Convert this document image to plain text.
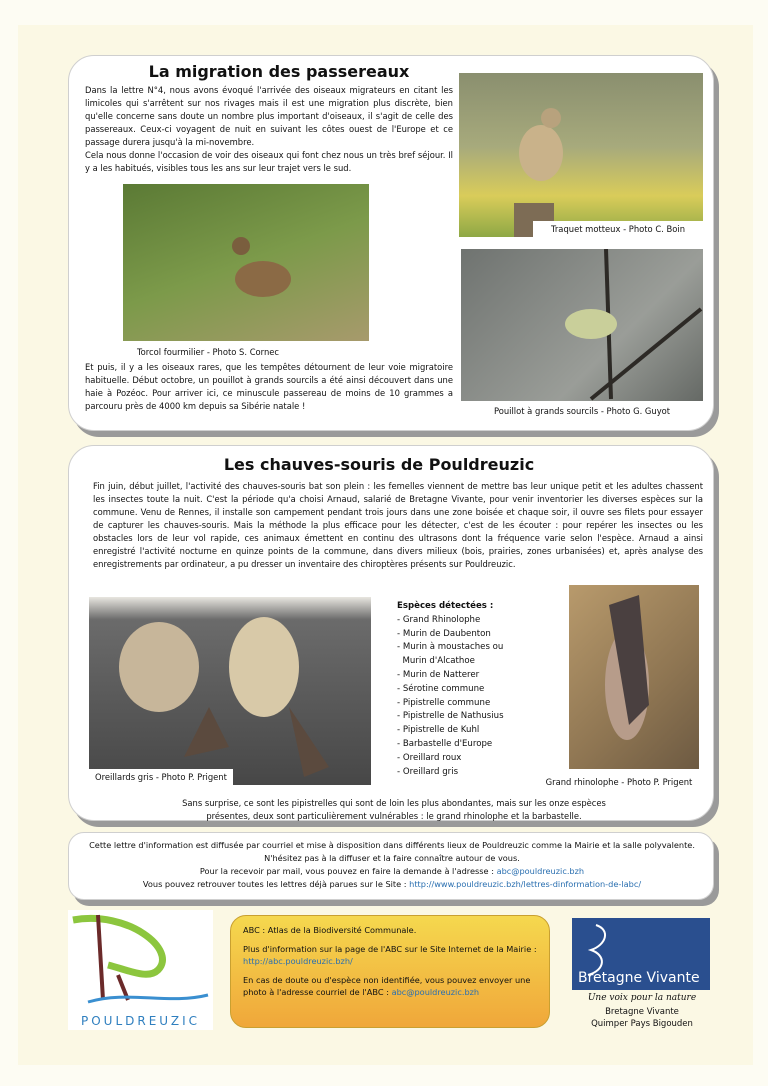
La migration des passereaux
Dans la lettre N°4, nous avons évoqué l'arrivée des oiseaux migrateurs en citant les limicoles qui s'arrêtent sur nos rivages mais il est une migration plus discrète, bien qu'elle concerne sans doute un nombre plus important d'oiseaux, il s'agit de celle des passereaux. Ceux-ci voyagent de nuit en suivant les côtes ouest de l'Europe et ce passage durera jusqu'à la mi-novembre.
Cela nous donne l'occasion de voir des oiseaux qui font chez nous un très bref séjour. Il y a les habitués, visibles tous les ans sur leur trajet vers le sud.
Traquet motteux - Photo C. Boin
Torcol fourmilier - Photo S. Cornec
Et puis, il y a les oiseaux rares, que les tempêtes détournent de leur voie migratoire habituelle. Début octobre, un pouillot à grands sourcils a été ainsi découvert dans une haie à Pozéoc. Pour arriver ici, ce minuscule passereau de moins de 10 grammes a parcouru près de 4000 km depuis sa Sibérie natale !	Pouillot à grands sourcils - Photo G. Guyot
Les chauves-souris de Pouldreuzic
Fin juin, début juillet, l'activité des chauves-souris bat son plein : les femelles viennent de mettre bas leur unique petit et les adultes chassent les insectes toute la nuit. C'est la période qu'a choisi Arnaud, salarié de Bretagne Vivante, pour venir inventorier les diverses espèces sur la commune. Venu de Rennes, il installe son campement pendant trois jours dans une zone boisée et chaque soir, il ouvre ses filets pour essayer de capturer les chauves-souris. Mais la méthode la plus efficace pour les détecter, c'est de les écouter : pour repérer les insectes ou les obstacles lors de leur vol rapide, ces animaux émettent en continu des ultrasons dont la fréquence varie selon l'espèce. Arnaud a ainsi enregistré l'activité nocturne en quinze points de la commune, dans divers milieux (bois, prairies, zones urbanisées) et, après analyse des enregistrements par ordinateur, a pu dresser un inventaire des chiroptères présents sur Pouldreuzic.
Oreillards gris - Photo P. Prigent
Espèces détectées :
- Grand Rhinolophe
- Murin de Daubenton
- Murin à moustaches ou
Murin d'Alcathoe
- Murin de Natterer
- Sérotine commune
- Pipistrelle commune
- Pipistrelle de Nathusius
- Pipistrelle de Kuhl
- Barbastelle d'Europe
- Oreillard roux
- Oreillard gris
Grand rhinolophe - Photo P. Prigent
Sans surprise, ce sont les pipistrelles qui sont de loin les plus abondantes, mais sur les onze espèces présentes, deux sont particulièrement vulnérables : le grand rhinolophe et la barbastelle.
Cette lettre d'information est diffusée par courriel et mise à disposition dans différents lieux de Pouldreuzic comme la Mairie et la salle polyvalente. N'hésitez pas à la diffuser et la faire connaître autour de vous.
Pour la recevoir par mail, vous pouvez en faire la demande à l'adresse : abc@pouldreuzic.bzh
Vous pouvez retrouver toutes les lettres déjà parues sur le Site : http://www.pouldreuzic.bzh/lettres-dinformation-de-labc/
POULDREUZIC

ABC : Atlas de la Biodiversité Communale.

Plus d'information sur la page de l'ABC sur le Site Internet de la Mairie : http://abc.pouldreuzic.bzh/

En cas de doute ou d'espèce non identifiée, vous pouvez envoyer une photo à l'adresse courriel de l'ABC : abc@pouldreuzic.bzh

Bretagne Vivante
Une voix pour la nature
Bretagne Vivante
Quimper Pays Bigouden
